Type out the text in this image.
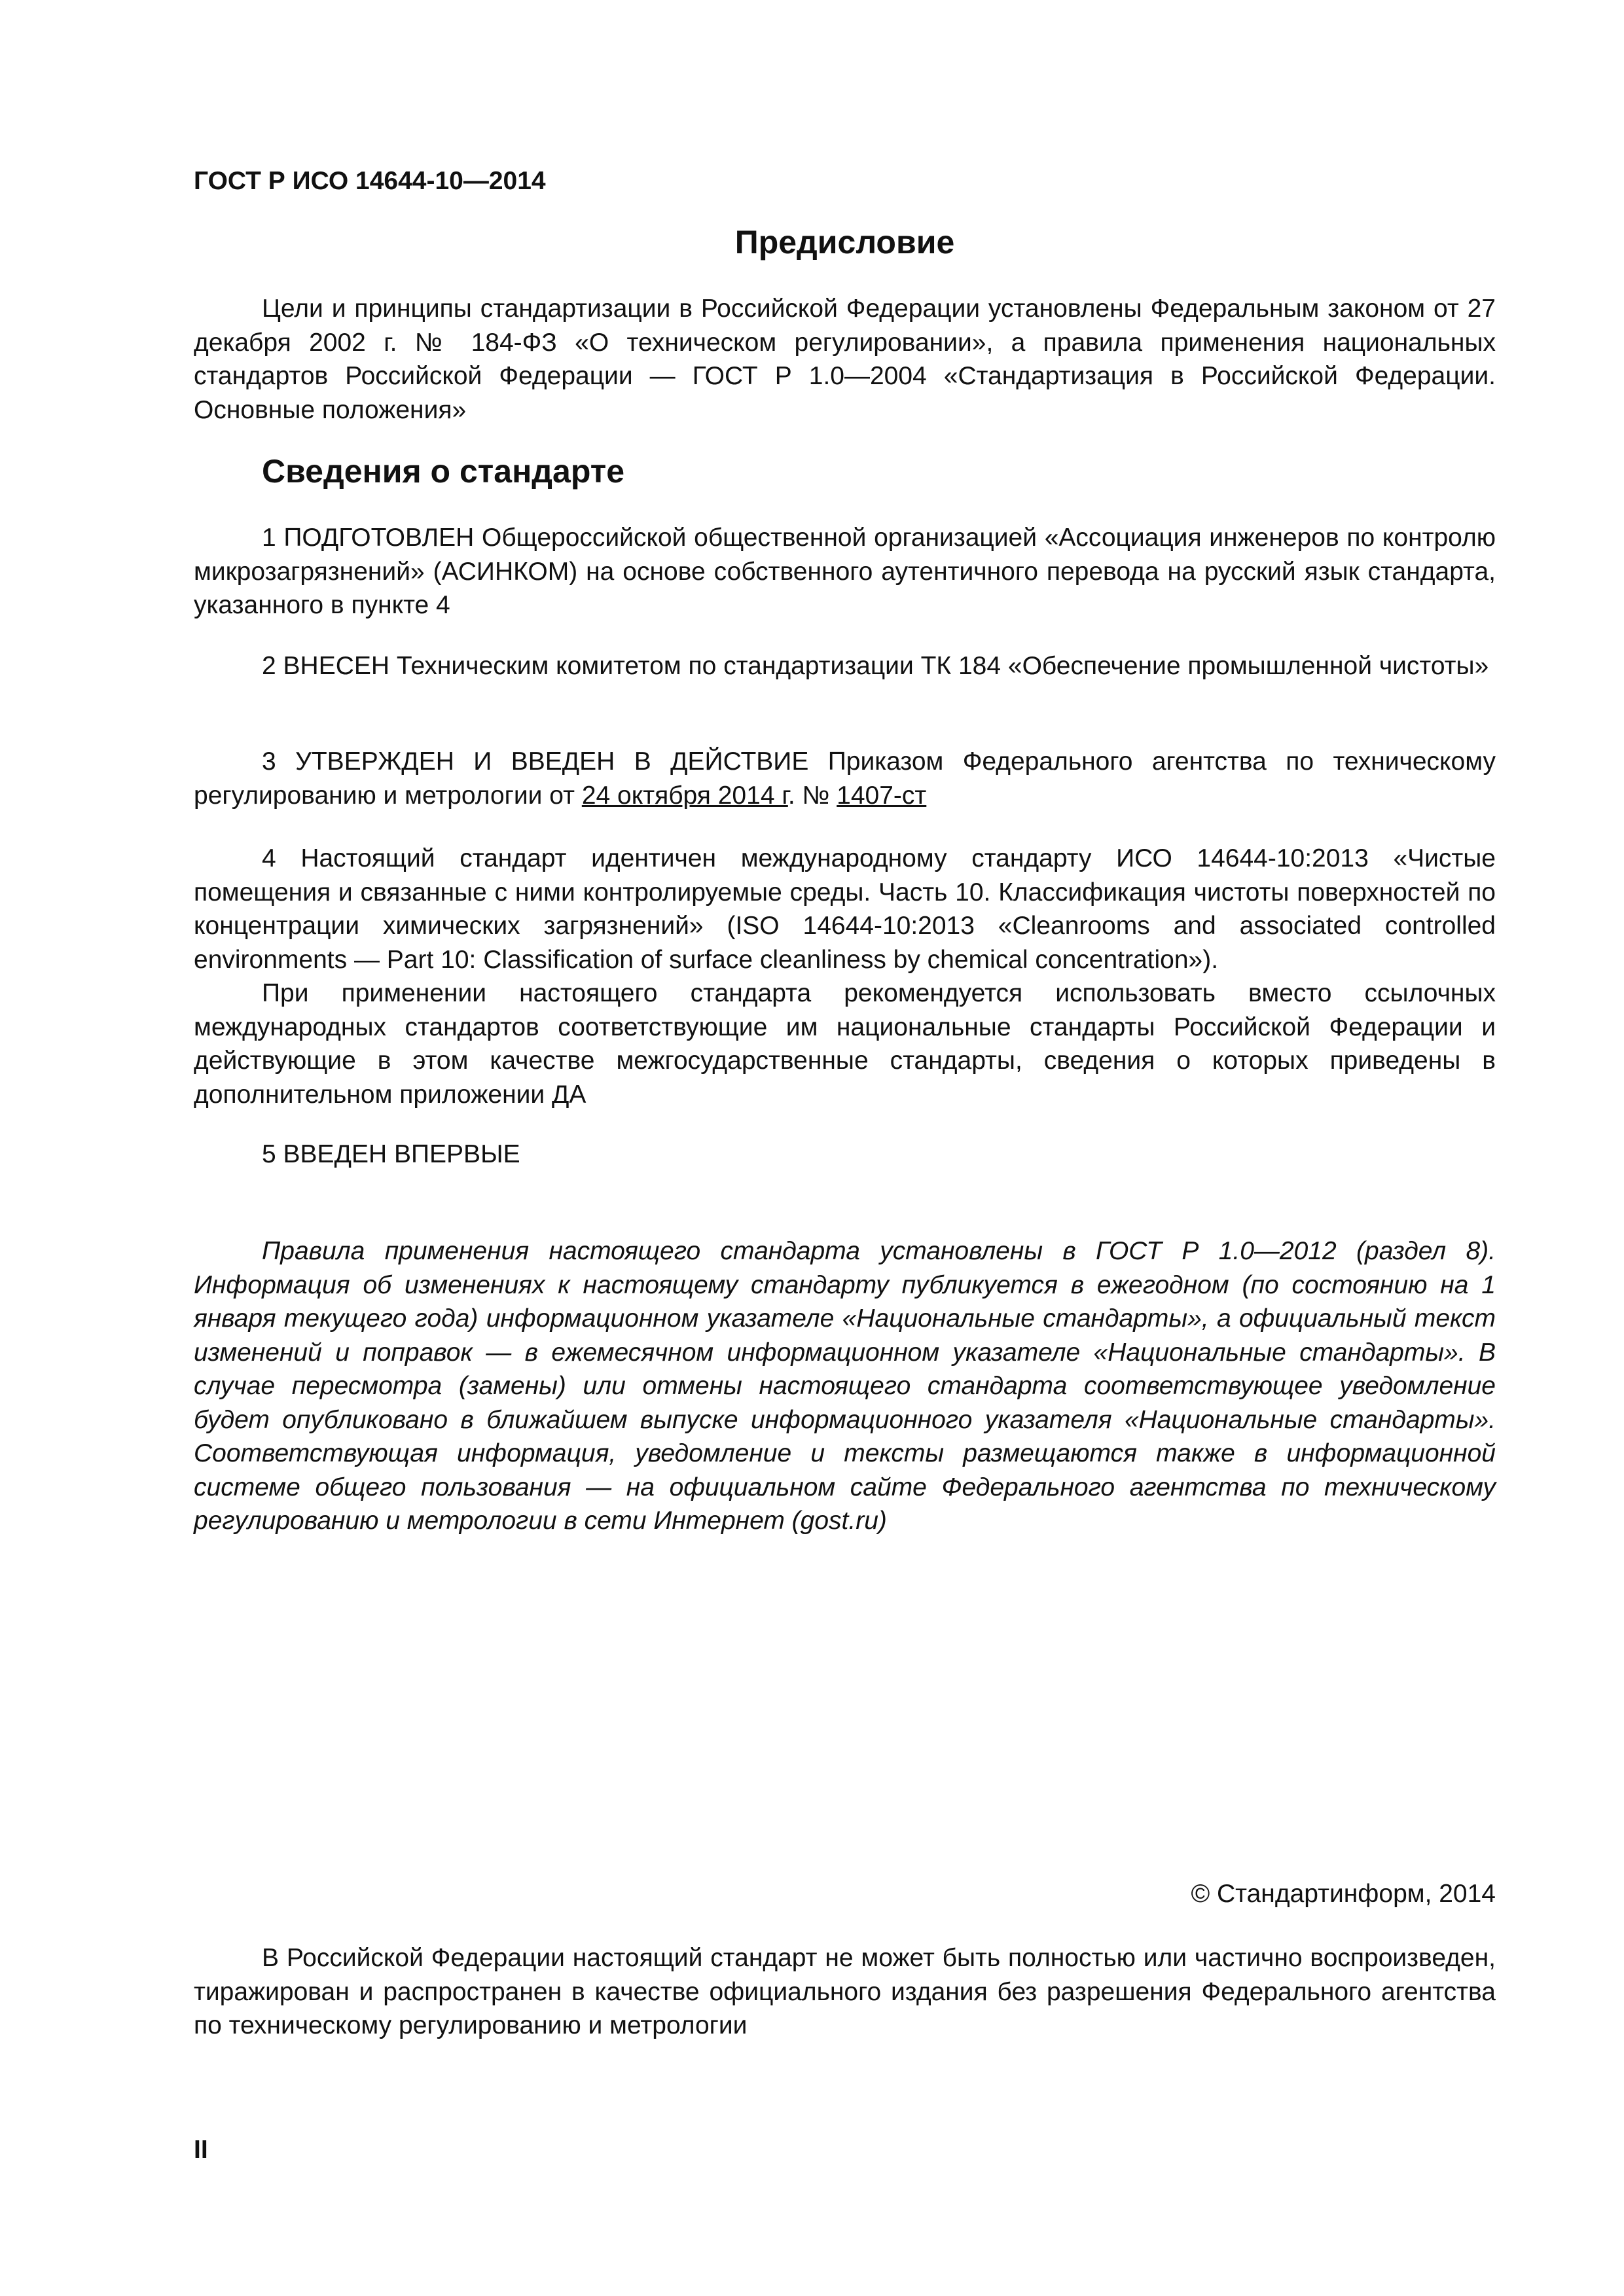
ГОСТ Р ИСО 14644-10—2014
Предисловие

Цели и принципы стандартизации в Российской Федерации установлены Федеральным законом от 27 декабря 2002 г. № 184-ФЗ «О техническом регулировании», а правила применения национальных стандартов Российской Федерации — ГОСТ Р 1.0—2004 «Стандартизация в Российской Федерации. Основные положения»

Сведения о стандарте

1 ПОДГОТОВЛЕН Общероссийской общественной организацией «Ассоциация инженеров по контролю микрозагрязнений» (АСИНКОМ) на основе собственного аутентичного перевода на русский язык стандарта, указанного в пункте 4

2 ВНЕСЕН Техническим комитетом по стандартизации ТК 184 «Обеспечение промышленной чистоты»

3 УТВЕРЖДЕН И ВВЕДЕН В ДЕЙСТВИЕ Приказом Федерального агентства по техническому регулированию и метрологии от 24 октября 2014 г. № 1407-ст

4 Настоящий стандарт идентичен международному стандарту ИСО 14644-10:2013 «Чистые помещения и связанные с ними контролируемые среды. Часть 10. Классификация чистоты поверхностей по концентрации химических загрязнений» (ISO 14644-10:2013 «Cleanrooms and associated controlled environments — Part 10: Classification of surface cleanliness by chemical concentration»).

При применении настоящего стандарта рекомендуется использовать вместо ссылочных международных стандартов соответствующие им национальные стандарты Российской Федерации и действующие в этом качестве межгосударственные стандарты, сведения о которых приведены в дополнительном приложении ДА

5 ВВЕДЕН ВПЕРВЫЕ

Правила применения настоящего стандарта установлены в ГОСТ Р 1.0—2012 (раздел 8). Информация об изменениях к настоящему стандарту публикуется в ежегодном (по состоянию на 1 января текущего года) информационном указателе «Национальные стандарты», а официальный текст изменений и поправок — в ежемесячном информационном указателе «Национальные стандарты». В случае пересмотра (замены) или отмены настоящего стандарта соответствующее уведомление будет опубликовано в ближайшем выпуске информационного указателя «Национальные стандарты». Соответствующая информация, уведомление и тексты размещаются также в информационной системе общего пользования — на официальном сайте Федерального агентства по техническому регулированию и метрологии в сети Интернет (gost.ru)

© Стандартинформ, 2014

В Российской Федерации настоящий стандарт не может быть полностью или частично воспроизведен, тиражирован и распространен в качестве официального издания без разрешения Федерального агентства по техническому регулированию и метрологии

II
